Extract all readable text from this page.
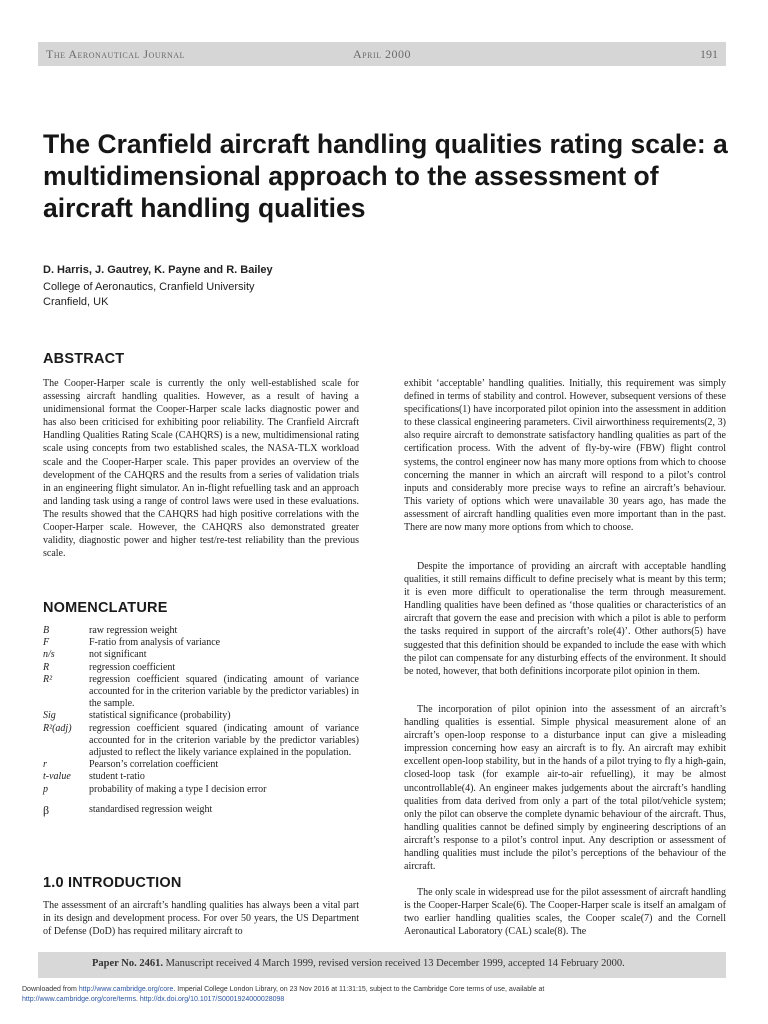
The Aeronautical Journal	April 2000	191
The Cranfield aircraft handling qualities rating scale: a multidimensional approach to the assessment of aircraft handling qualities
D. Harris, J. Gautrey, K. Payne and R. Bailey
College of Aeronautics, Cranfield University
Cranfield, UK
ABSTRACT

The Cooper-Harper scale is currently the only well-established scale for assessing aircraft handling qualities. However, as a result of having a unidimensional format the Cooper-Harper scale lacks diagnostic power and has also been criticised for exhibiting poor reliability. The Cranfield Aircraft Handling Qualities Rating Scale (CAHQRS) is a new, multidimensional rating scale using concepts from two established scales, the NASA-TLX workload scale and the Cooper-Harper scale. This paper provides an overview of the development of the CAHQRS and the results from a series of validation trials in an engineering flight simulator. An in-flight refuelling task and an approach and landing task using a range of control laws were used in these evaluations. The results showed that the CAHQRS had high positive correlations with the Cooper-Harper scale. However, the CAHQRS also demonstrated greater validity, diagnostic power and higher test/re-test reliability than the previous scale.

NOMENCLATURE
B	raw regression weight
F	F-ratio from analysis of variance
n/s	not significant
R	regression coefficient
R²	regression coefficient squared (indicating amount of variance accounted for in the criterion variable by the predictor variables) in the sample.
Sig	statistical significance (probability)
R²(adj)	regression coefficient squared (indicating amount of variance accounted for in the criterion variable by the predictor variables) adjusted to reflect the likely variance explained in the population.
r	Pearson’s correlation coefficient
t-value	student t-ratio
p	probability of making a type I decision error
β	standardised regression weight
1.0 INTRODUCTION

The assessment of an aircraft’s handling qualities has always been a vital part in its design and development process. For over 50 years, the US Department of Defense (DoD) has required military aircraft to

exhibit ‘acceptable’ handling qualities. Initially, this requirement was simply defined in terms of stability and control. However, subsequent versions of these specifications(1) have incorporated pilot opinion into the assessment in addition to these classical engineering parameters. Civil airworthiness requirements(2, 3) also require aircraft to demonstrate satisfactory handling qualities as part of the certification process. With the advent of fly-by-wire (FBW) flight control systems, the control engineer now has many more options from which to choose concerning the manner in which an aircraft will respond to a pilot’s control inputs and considerably more precise ways to refine an aircraft’s behaviour. This variety of options which were unavailable 30 years ago, has made the assessment of aircraft handling qualities even more important than in the past. There are now many more options from which to choose.

Despite the importance of providing an aircraft with acceptable handling qualities, it still remains difficult to define precisely what is meant by this term; it is even more difficult to operationalise the term through measurement. Handling qualities have been defined as ‘those qualities or characteristics of an aircraft that govern the ease and precision with which a pilot is able to perform the tasks required in support of the aircraft’s role(4)’. Other authors(5) have suggested that this definition should be expanded to include the ease with which the pilot can compensate for any disturbing effects of the environment. It should be noted, however, that both definitions incorporate pilot opinion in them.

The incorporation of pilot opinion into the assessment of an aircraft’s handling qualities is essential. Simple physical measurement alone of an aircraft’s open-loop response to a disturbance input can give a misleading impression concerning how easy an aircraft is to fly. An aircraft may exhibit excellent open-loop stability, but in the hands of a pilot trying to fly a high-gain, closed-loop task (for example air-to-air refuelling), it may be almost uncontrollable(4). An engineer makes judgements about the aircraft’s handling qualities from data derived from only a part of the total pilot/vehicle system; only the pilot can observe the complete dynamic behaviour of the aircraft. Thus, handling qualities cannot be defined simply by engineering descriptions of an aircraft’s response to a pilot’s control input. Any description or assessment of handling qualities must include the pilot’s perceptions of the behaviour of the aircraft.

The only scale in widespread use for the pilot assessment of aircraft handling is the Cooper-Harper Scale(6). The Cooper-Harper scale is itself an amalgam of two earlier handling qualities scales, the Cooper scale(7) and the Cornell Aeronautical Laboratory (CAL) scale(8). The

Paper No. 2461. Manuscript received 4 March 1999, revised version received 13 December 1999, accepted 14 February 2000.
Downloaded from http://www.cambridge.org/core. Imperial College London Library, on 23 Nov 2016 at 11:31:15, subject to the Cambridge Core terms of use, available at
http://www.cambridge.org/core/terms. http://dx.doi.org/10.1017/S0001924000028098
